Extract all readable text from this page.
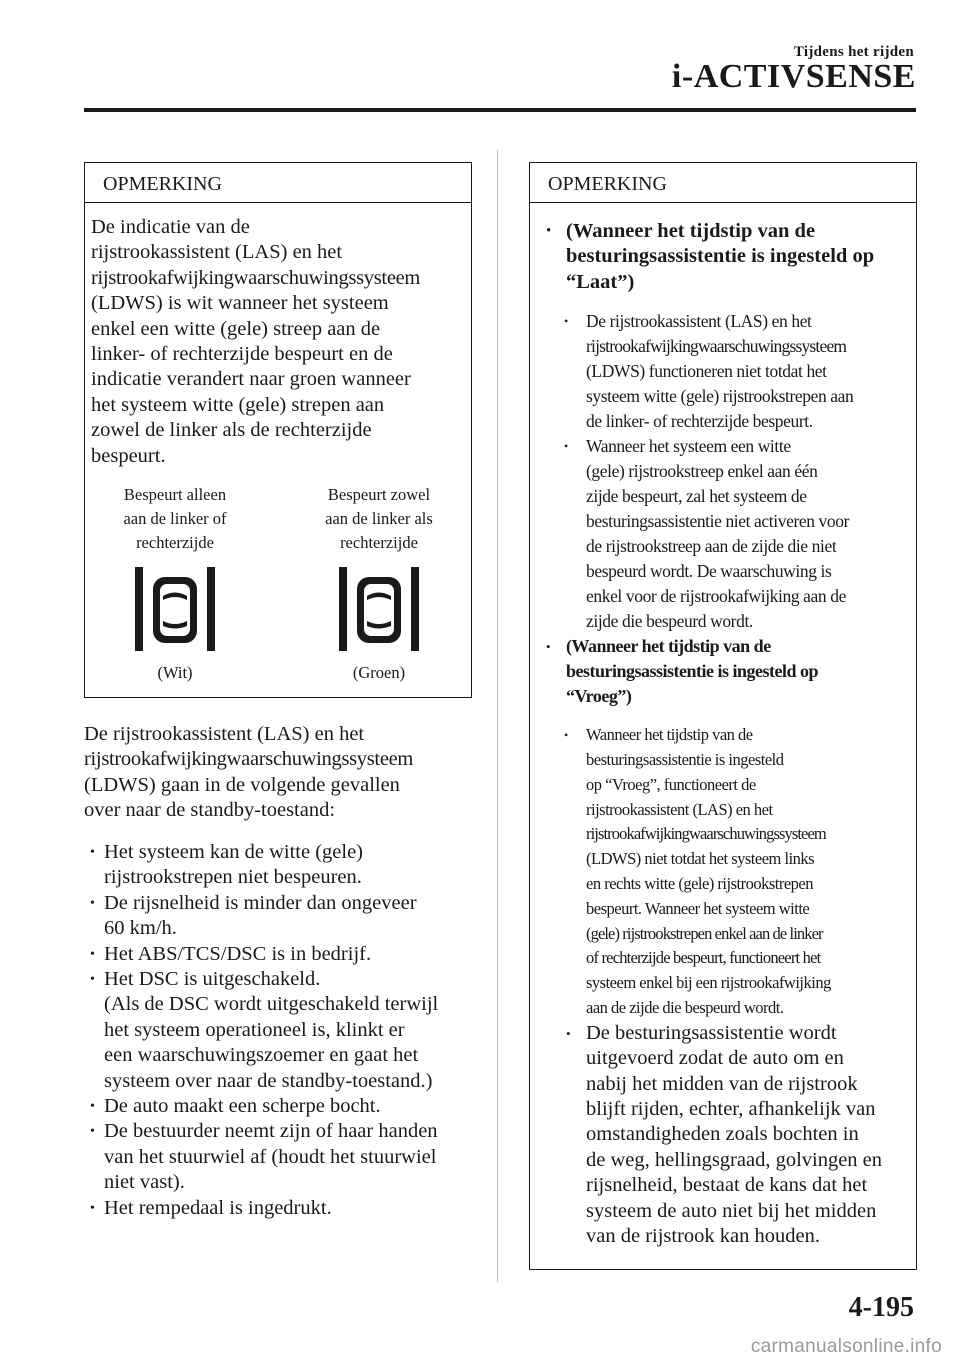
Tijdens het rijden
i-ACTIVSENSE
OPMERKING
De indicatie van de
rijstrookassistent (LAS) en het
rijstrookafwijkingwaarschuwingssysteem
(LDWS) is wit wanneer het systeem
enkel een witte (gele) streep aan de
linker- of rechterzijde bespeurt en de
indicatie verandert naar groen wanneer
het systeem witte (gele) strepen aan
zowel de linker als de rechterzijde
bespeurt.
Bespeurt alleen
aan de linker of
rechterzijde
(Wit)
Bespeurt zowel
aan de linker als
rechterzijde
(Groen)
De rijstrookassistent (LAS) en het
rijstrookafwijkingwaarschuwingssysteem
(LDWS) gaan in de volgende gevallen
over naar de standby-toestand:
• Het systeem kan de witte (gele)
rijstrookstrepen niet bespeuren.
• De rijsnelheid is minder dan ongeveer
60 km/h.
• Het ABS/TCS/DSC is in bedrijf.
• Het DSC is uitgeschakeld.
(Als de DSC wordt uitgeschakeld terwijl
het systeem operationeel is, klinkt er
een waarschuwingszoemer en gaat het
systeem over naar de standby-toestand.)
• De auto maakt een scherpe bocht.
• De bestuurder neemt zijn of haar handen
van het stuurwiel af (houdt het stuurwiel
niet vast).
• Het rempedaal is ingedrukt.
OPMERKING
• (Wanneer het tijdstip van de
besturingsassistentie is ingesteld op
“Laat”)
• De rijstrookassistent (LAS) en het
rijstrookafwijkingwaarschuwingssysteem
(LDWS) functioneren niet totdat het
systeem witte (gele) rijstrookstrepen aan
de linker- of rechterzijde bespeurt.
• Wanneer het systeem een witte
(gele) rijstrookstreep enkel aan één
zijde bespeurt, zal het systeem de
besturingsassistentie niet activeren voor
de rijstrookstreep aan de zijde die niet
bespeurd wordt. De waarschuwing is
enkel voor de rijstrookafwijking aan de
zijde die bespeurd wordt.
• (Wanneer het tijdstip van de
besturingsassistentie is ingesteld op
“Vroeg”)
• Wanneer het tijdstip van de
besturingsassistentie is ingesteld
op “Vroeg”, functioneert de
rijstrookassistent (LAS) en het
rijstrookafwijkingwaarschuwingssysteem
(LDWS) niet totdat het systeem links
en rechts witte (gele) rijstrookstrepen
bespeurt. Wanneer het systeem witte
(gele) rijstrookstrepen enkel aan de linker
of rechterzijde bespeurt, functioneert het
systeem enkel bij een rijstrookafwijking
aan de zijde die bespeurd wordt.
• De besturingsassistentie wordt
uitgevoerd zodat de auto om en
nabij het midden van de rijstrook
blijft rijden, echter, afhankelijk van
omstandigheden zoals bochten in
de weg, hellingsgraad, golvingen en
rijsnelheid, bestaat de kans dat het
systeem de auto niet bij het midden
van de rijstrook kan houden.
4-195
carmanualsonline.info
